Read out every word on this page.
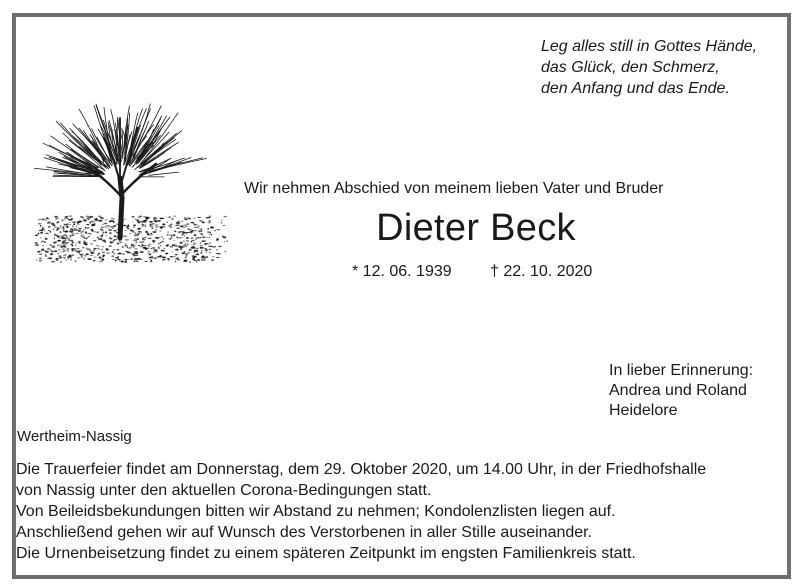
Leg alles still in Gottes Hände,
das Glück, den Schmerz,
den Anfang und das Ende.
Wir nehmen Abschied von meinem lieben Vater und Bruder
Dieter Beck
* 12. 06. 1939 † 22. 10. 2020
In lieber Erinnerung:
Andrea und Roland
Heidelore
Wertheim-Nassig
Die Trauerfeier findet am Donnerstag, dem 29. Oktober 2020, um 14.00 Uhr, in der Friedhofshalle
von Nassig unter den aktuellen Corona-Bedingungen statt.
Von Beileidsbekundungen bitten wir Abstand zu nehmen; Kondolenzlisten liegen auf.
Anschließend gehen wir auf Wunsch des Verstorbenen in aller Stille auseinander.
Die Urnenbeisetzung findet zu einem späteren Zeitpunkt im engsten Familienkreis statt.
